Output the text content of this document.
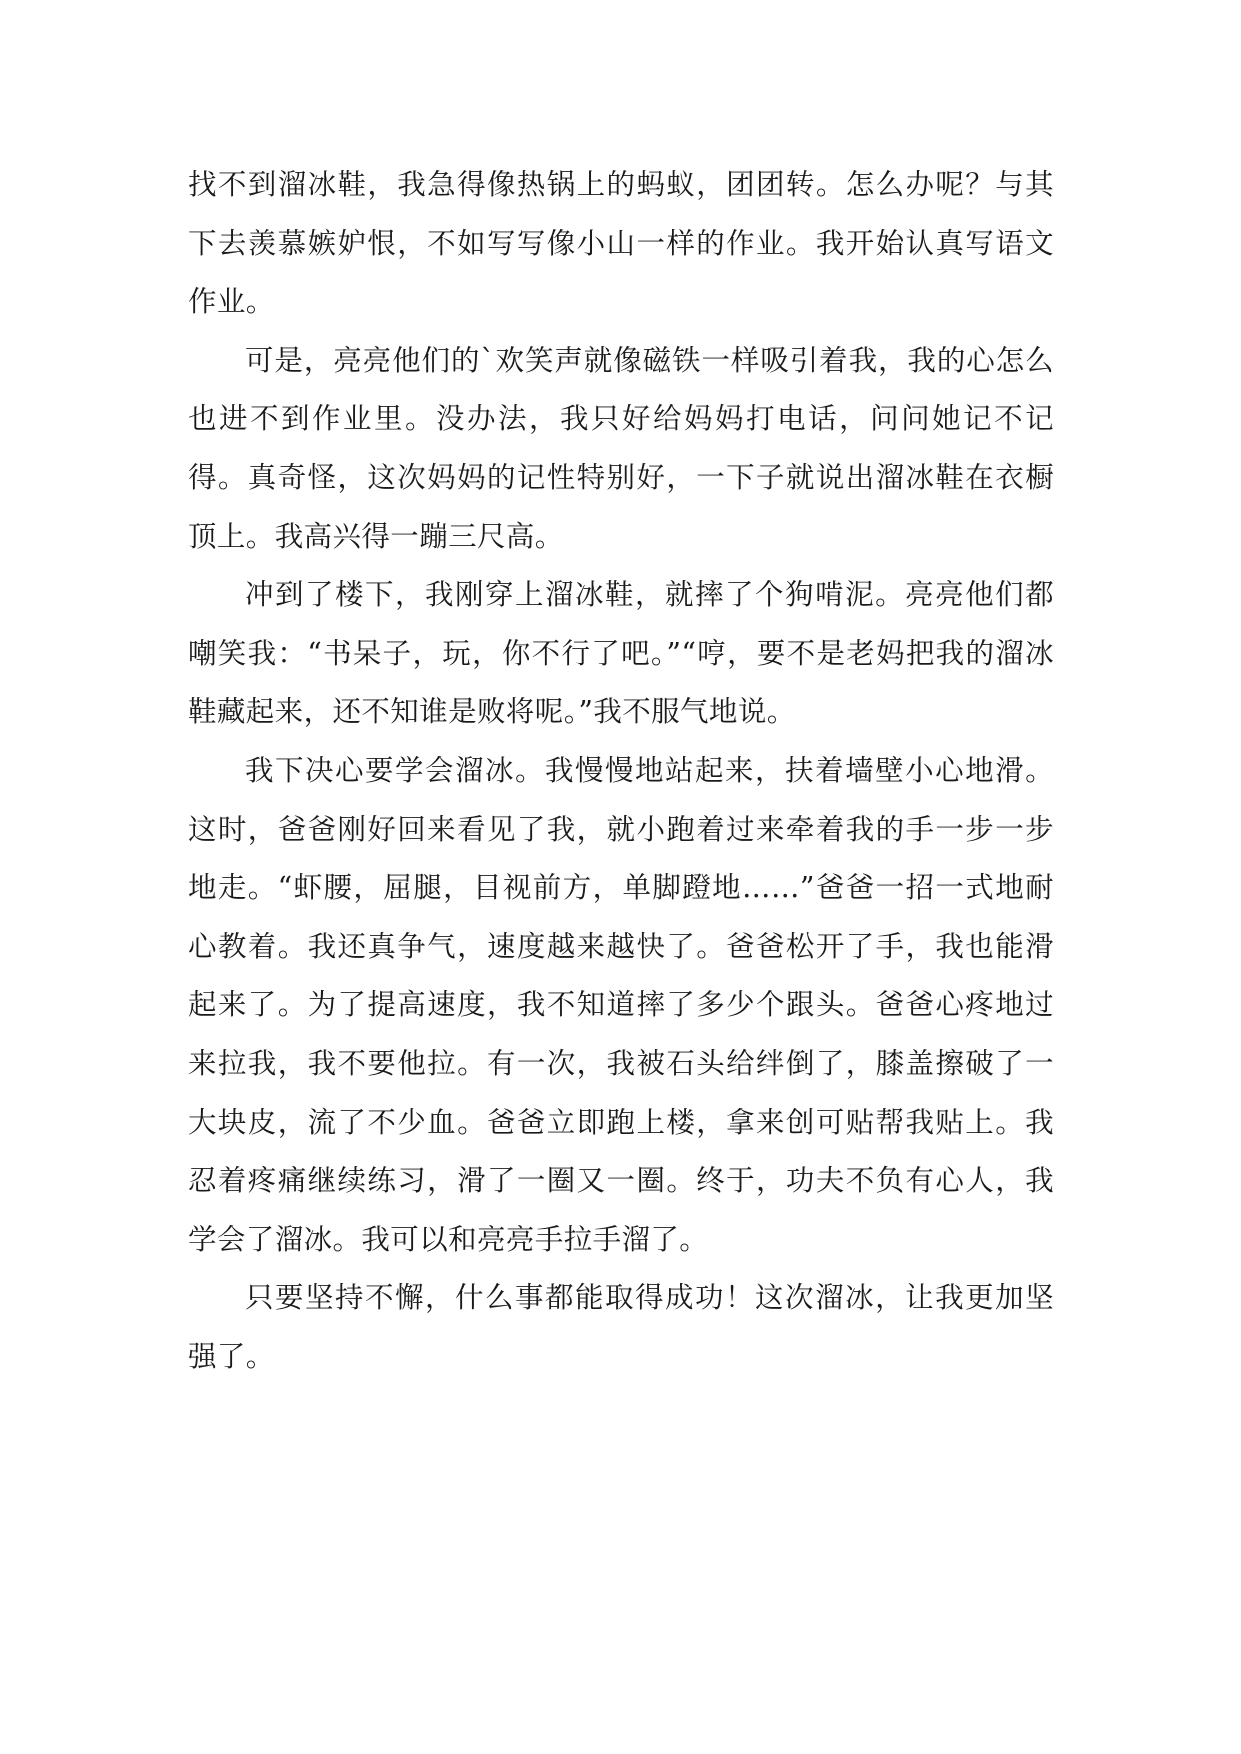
找不到溜冰鞋，我急得像热锅上的蚂蚁，团团转。怎么办呢？与其下去羡慕嫉妒恨，不如写写像小山一样的作业。我开始认真写语文作业。

可是，亮亮他们的`欢笑声就像磁铁一样吸引着我，我的心怎么也进不到作业里。没办法，我只好给妈妈打电话，问问她记不记得。真奇怪，这次妈妈的记性特别好，一下子就说出溜冰鞋在衣橱顶上。我高兴得一蹦三尺高。

冲到了楼下，我刚穿上溜冰鞋，就摔了个狗啃泥。亮亮他们都嘲笑我：“书呆子，玩，你不行了吧。”“哼，要不是老妈把我的溜冰鞋藏起来，还不知谁是败将呢。”我不服气地说。

我下决心要学会溜冰。我慢慢地站起来，扶着墙壁小心地滑。这时，爸爸刚好回来看见了我，就小跑着过来牵着我的手一步一步地走。“虾腰，屈腿，目视前方，单脚蹬地……”爸爸一招一式地耐心教着。我还真争气，速度越来越快了。爸爸松开了手，我也能滑起来了。为了提高速度，我不知道摔了多少个跟头。爸爸心疼地过来拉我，我不要他拉。有一次，我被石头给绊倒了，膝盖擦破了一大块皮，流了不少血。爸爸立即跑上楼，拿来创可贴帮我贴上。我忍着疼痛继续练习，滑了一圈又一圈。终于，功夫不负有心人，我学会了溜冰。我可以和亮亮手拉手溜了。

只要坚持不懈，什么事都能取得成功！这次溜冰，让我更加坚强了。
